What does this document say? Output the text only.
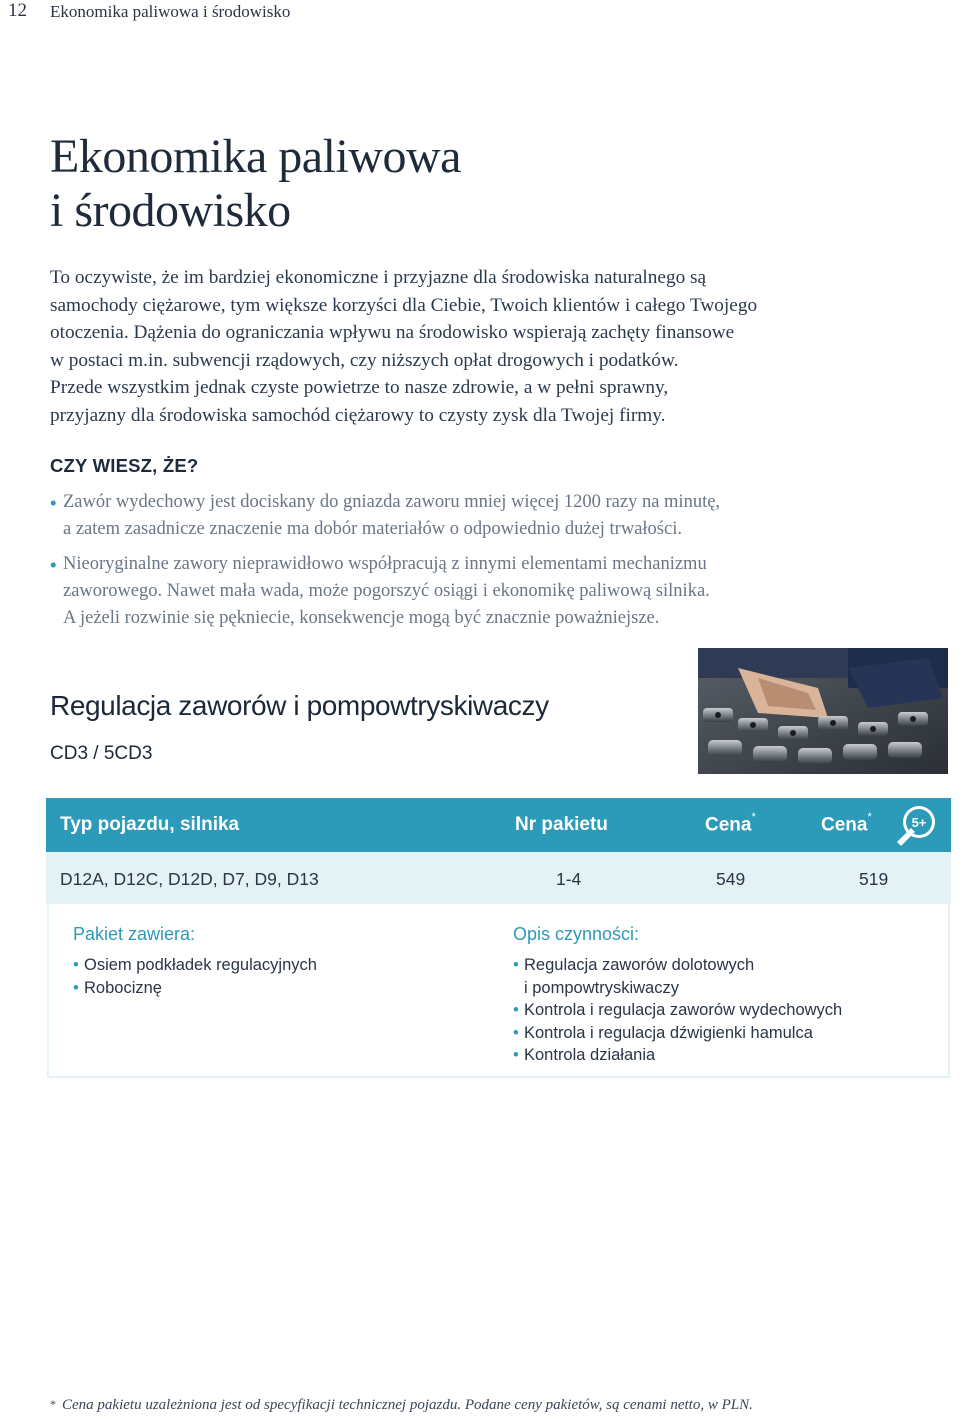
12 Ekonomika paliwowa i środowisko
Ekonomika paliwowa
i środowisko

To oczywiste, że im bardziej ekonomiczne i przyjazne dla środowiska naturalnego są

samochody ciężarowe, tym większe korzyści dla Ciebie, Twoich klientów i całego Twojego

otoczenia. Dążenia do ograniczania wpływu na środowisko wspierają zachęty finansowe

w postaci m.in. subwencji rządowych, czy niższych opłat drogowych i podatków.

Przede wszystkim jednak czyste powietrze to nasze zdrowie, a w pełni sprawny,

przyjazny dla środowiska samochód ciężarowy to czysty zysk dla Twojej firmy.

CZY WIESZ, ŻE?
• Zawór wydechowy jest dociskany do gniazda zaworu mniej więcej 1200 razy na minutę,
a zatem zasadnicze znaczenie ma dobór materiałów o odpowiednio dużej trwałości.
• Nieoryginalne zawory nieprawidłowo współpracują z innymi elementami mechanizmu
zaworowego. Nawet mała wada, może pogorszyć osiągi i ekonomikę paliwową silnika.
A jeżeli rozwinie się pękniecie, konsekwencje mogą być znacznie poważniejsze.
Regulacja zaworów i pompowtryskiwaczy
CD3 / 5CD3
Typ pojazdu, silnika	Nr pakietu	Cena*	Cena*	5+
D12A, D12C, D12D, D7, D9, D13	1-4	549	519
Pakiet zawiera:
• Osiem podkładek regulacyjnych
• Robociznę
Opis czynności:
• Regulacja zaworów dolotowych
i pompowtryskiwaczy
• Kontrola i regulacja zaworów wydechowych
• Kontrola i regulacja dźwigienki hamulca
• Kontrola działania
* Cena pakietu uzależniona jest od specyfikacji technicznej pojazdu. Podane ceny pakietów, są cenami netto, w PLN.
